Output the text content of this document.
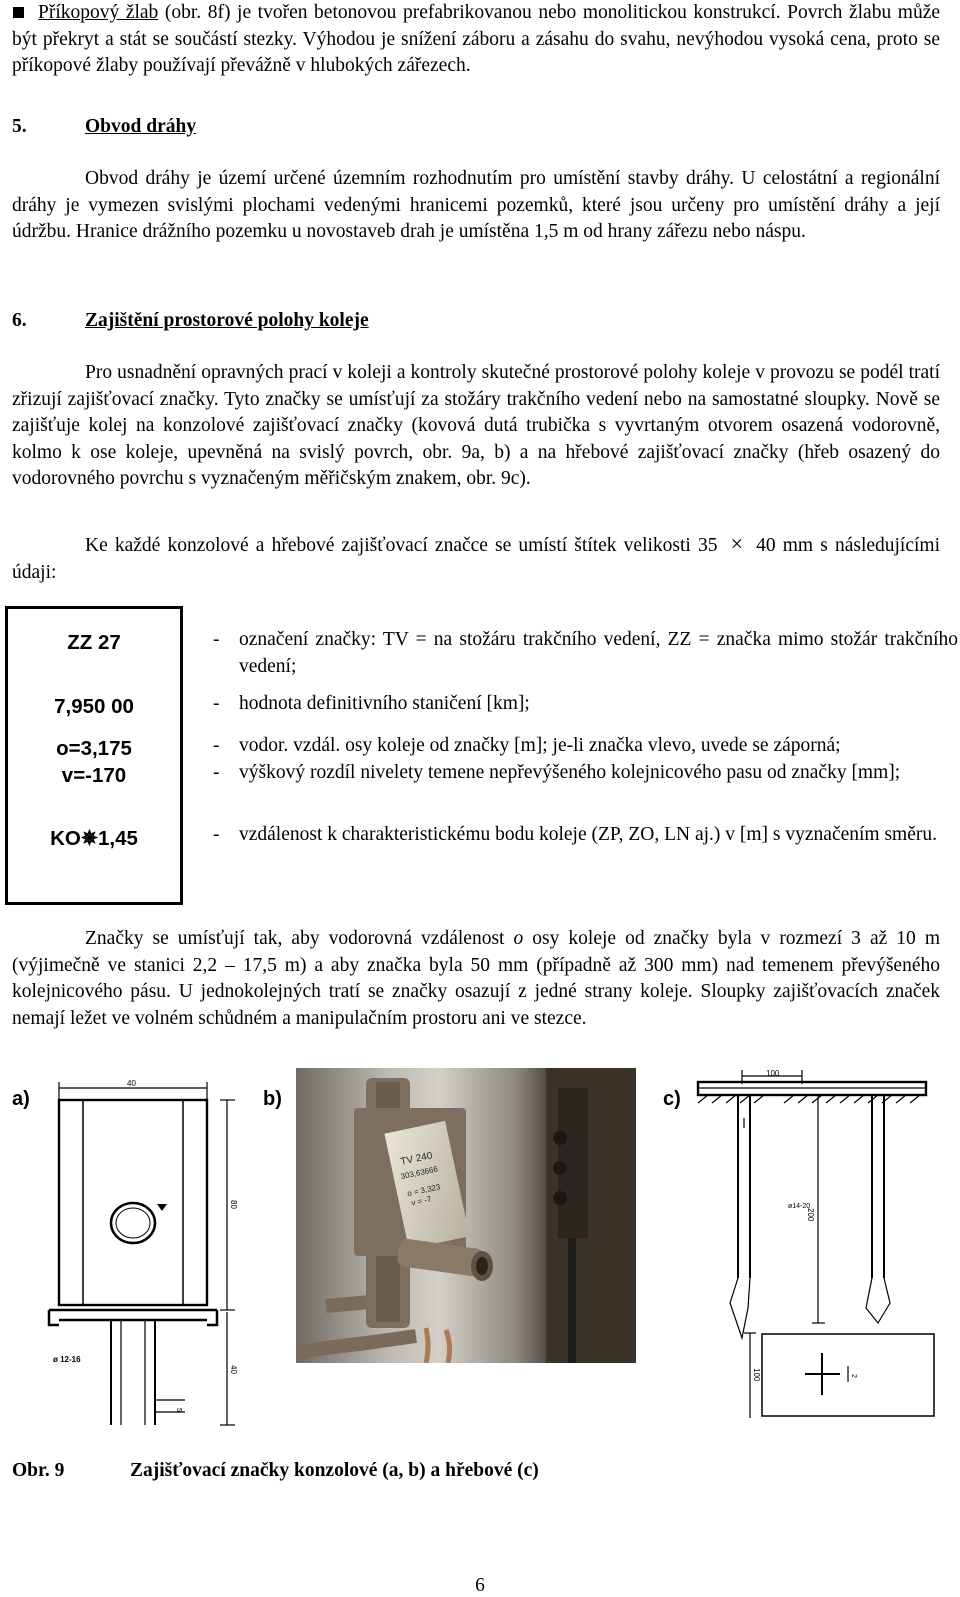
Příkopový žlab (obr. 8f) je tvořen betonovou prefabrikovanou nebo monolitickou konstrukcí. Povrch žlabu může být překryt a stát se součástí stezky. Výhodou je snížení záboru a zásahu do svahu, nevýhodou vysoká cena, proto se příkopové žlaby používají převážně v hlubokých zářezech.
5.	Obvod dráhy
Obvod dráhy je území určené územním rozhodnutím pro umístění stavby dráhy. U celostátní a regionální dráhy je vymezen svislými plochami vedenými hranicemi pozemků, které jsou určeny pro umístění dráhy a její údržbu. Hranice drážního pozemku u novostaveb drah je umístěna 1,5 m od hrany zářezu nebo náspu.
6.	Zajištění prostorové polohy koleje
Pro usnadnění opravných prací v koleji a kontroly skutečné prostorové polohy koleje v provozu se podél tratí zřizují zajišťovací značky. Tyto značky se umísťují za stožáry trakčního vedení nebo na samostatné sloupky. Nově se zajišťuje kolej na konzolové zajišťovací značky (kovová dutá trubička s vyvrtaným otvorem osazená vodorovně, kolmo k ose koleje, upevněná na svislý povrch, obr. 9a, b) a na hřebové zajišťovací značky (hřeb osazený do vodorovného povrchu s vyznačeným měřičským znakem, obr. 9c).
Ke každé konzolové a hřebové zajišťovací značce se umístí štítek velikosti 35 × 40 mm s následujícími údaji:
ZZ 27
7,950 00
o=3,175
v=-170
KO✵1,45
- označení značky: TV = na stožáru trakčního vedení, ZZ = značka mimo stožár trakčního vedení;
- hodnota definitivního staničení [km];
- vodor. vzdál. osy koleje od značky [m]; je-li značka vlevo, uvede se záporná;
- výškový rozdíl nivelety temene nepřevýšeného kolejnicového pasu od značky [mm];
- vzdálenost k charakteristickému bodu koleje (ZP, ZO, LN aj.) v [m] s vyznačením směru.
Značky se umísťují tak, aby vodorovná vzdálenost o osy koleje od značky byla v rozmezí 3 až 10 m (výjimečně ve stanici 2,2 – 17,5 m) a aby značka byla 50 mm (případně až 300 mm) nad temenem převýšeného kolejnicového pásu. U jednokolejných tratí se značky osazují z jedné strany koleje. Sloupky zajišťovacích značek nemají ležet ve volném schůdném a manipulačním prostoru ani ve stezce.
a)	b)	c)
40
80
40
5
ø 12-16
TV 240
303,63666
o = 3,323
v = -7
100
200
100
ø14-20
2
Obr. 9	Zajišťovací značky konzolové (a, b) a hřebové (c)
6
